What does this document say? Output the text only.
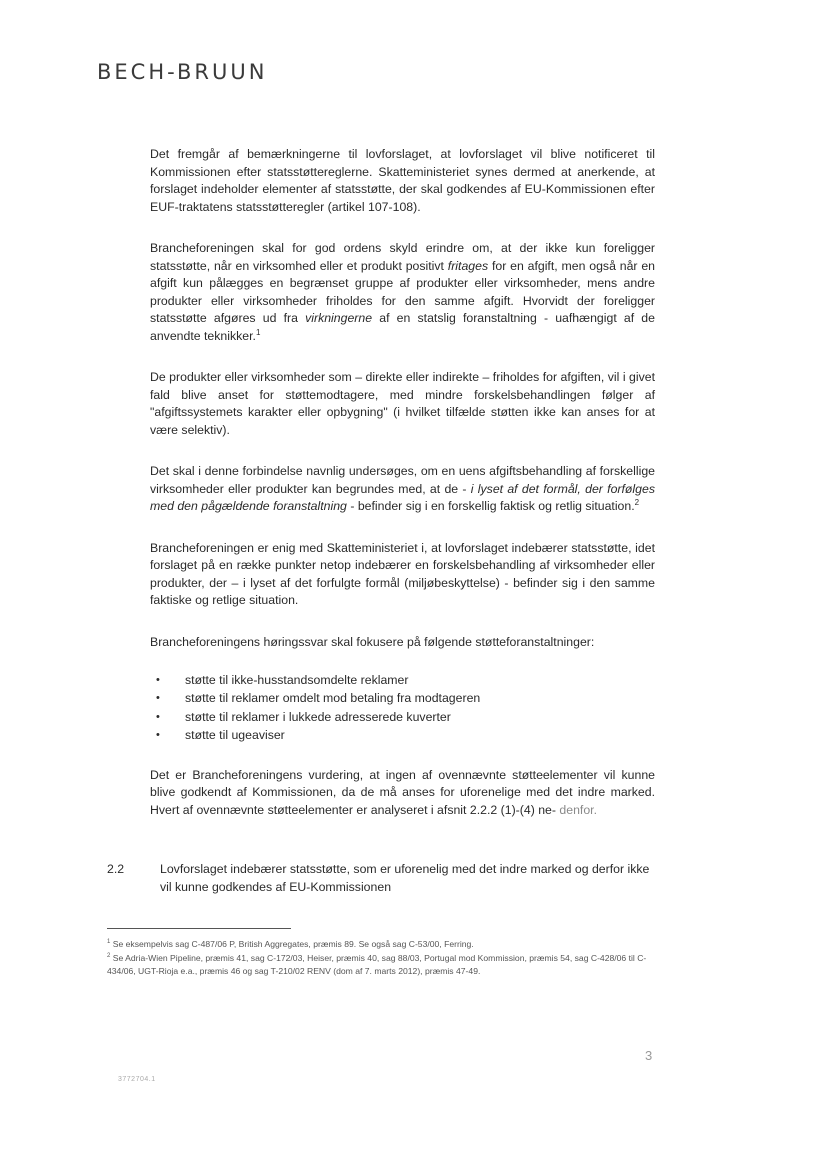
BECH-BRUUN

Det fremgår af bemærkningerne til lovforslaget, at lovforslaget vil blive notificeret til Kommissionen efter statsstøttereglerne. Skatteministeriet synes dermed at anerkende, at forslaget indeholder elementer af statsstøtte, der skal godkendes af EU-Kommissionen efter EUF-traktatens statsstøtteregler (artikel 107-108).

Brancheforeningen skal for god ordens skyld erindre om, at der ikke kun foreligger statsstøtte, når en virksomhed eller et produkt positivt fritages for en afgift, men også når en afgift kun pålægges en begrænset gruppe af produkter eller virksomheder, mens andre produkter eller virksomheder friholdes for den samme afgift. Hvorvidt der foreligger statsstøtte afgøres ud fra virkningerne af en statslig foranstaltning - uafhængigt af de anvendte teknikker.$^1$

De produkter eller virksomheder som – direkte eller indirekte – friholdes for afgiften, vil i givet fald blive anset for støttemodtagere, med mindre forskelsbehandlingen følger af "afgiftssystemets karakter eller opbygning" (i hvilket tilfælde støtten ikke kan anses for at være selektiv).

Det skal i denne forbindelse navnlig undersøges, om en uens afgiftsbehandling af forskellige virksomheder eller produkter kan begrundes med, at de - i lyset af det formål, der forfølges med den pågældende foranstaltning - befinder sig i en forskellig faktisk og retlig situation.$^2$

Brancheforeningen er enig med Skatteministeriet i, at lovforslaget indebærer statsstøtte, idet forslaget på en række punkter netop indebærer en forskelsbehandling af virksomheder eller produkter, der – i lyset af det forfulgte formål (miljøbeskyttelse) - befinder sig i den samme faktiske og retlige situation.

Brancheforeningens høringssvar skal fokusere på følgende støtteforanstaltninger:

• støtte til ikke-husstandsomdelte reklamer
• støtte til reklamer omdelt mod betaling fra modtageren
• støtte til reklamer i lukkede adresserede kuverter
• støtte til ugeaviser

Det er Brancheforeningens vurdering, at ingen af ovennævnte støtteelementer vil kunne blive godkendt af Kommissionen, da de må anses for uforenelige med det indre marked. Hvert af ovennævnte støtteelementer er analyseret i afsnit 2.2.2 (1)-(4) ne- denfor.

2.2	Lovforslaget indebærer statsstøtte, som er uforenelig med det indre marked og derfor ikke vil kunne godkendes af EU-Kommissionen
$^1$ Se eksempelvis sag C-487/06 P, British Aggregates, præmis 89. Se også sag C-53/00, Ferring.
$^2$ Se Adria-Wien Pipeline, præmis 41, sag C-172/03, Heiser, præmis 40, sag 88/03, Portugal mod Kommission, præmis 54, sag C-428/06 til C-434/06, UGT-Rioja e.a., præmis 46 og sag T-210/02 RENV (dom af 7. marts 2012), præmis 47-49.
3
3772704.1
